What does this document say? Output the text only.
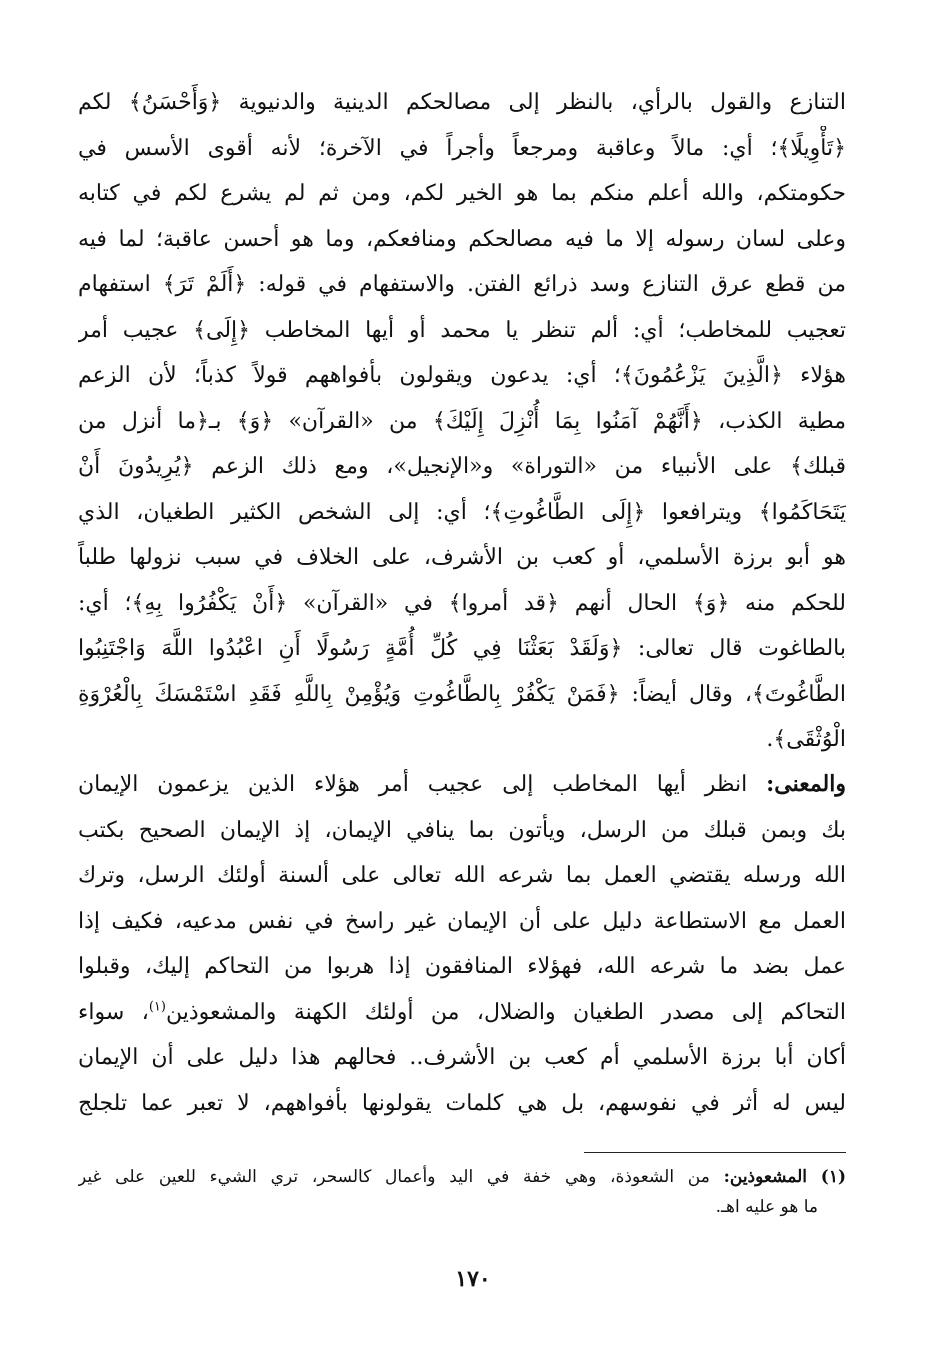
التنازع والقول بالرأي، بالنظر إلى مصالحكم الدينية والدنيوية ﴿وَأَحْسَنُ﴾ لكم
﴿تَأْوِيلًا﴾؛ أي: مالاً وعاقبة ومرجعاً وأجراً في الآخرة؛ لأنه أقوى الأسس في
حكومتكم، والله أعلم منكم بما هو الخير لكم، ومن ثم لم يشرع لكم في كتابه
وعلى لسان رسوله إلا ما فيه مصالحكم ومنافعكم، وما هو أحسن عاقبة؛ لما فيه
من قطع عرق التنازع وسد ذرائع الفتن. والاستفهام في قوله: ﴿أَلَمْ تَرَ﴾ استفهام
تعجيب للمخاطب؛ أي: ألم تنظر يا محمد أو أيها المخاطب ﴿إِلَى﴾ عجيب أمر
هؤلاء ﴿الَّذِينَ يَزْعُمُونَ﴾؛ أي: يدعون ويقولون بأفواههم قولاً كذباً؛ لأن الزعم
مطية الكذب، ﴿أَنَّهُمْ آمَنُوا بِمَا أُنْزِلَ إِلَيْكَ﴾ من «القرآن» ﴿وَ﴾ بـ﴿ما أنزل من
قبلك﴾ على الأنبياء من «التوراة» و«الإنجيل»، ومع ذلك الزعم ﴿يُرِيدُونَ أَنْ
يَتَحَاكَمُوا﴾ ويترافعوا ﴿إِلَى الطَّاغُوتِ﴾؛ أي: إلى الشخص الكثير الطغيان، الذي
هو أبو برزة الأسلمي، أو كعب بن الأشرف، على الخلاف في سبب نزولها طلباً
للحكم منه ﴿وَ﴾ الحال أنهم ﴿قد أمروا﴾ في «القرآن» ﴿أَنْ يَكْفُرُوا بِهِ﴾؛ أي:
بالطاغوت قال تعالى: ﴿وَلَقَدْ بَعَثْنَا فِي كُلِّ أُمَّةٍ رَسُولًا أَنِ اعْبُدُوا اللَّهَ وَاجْتَنِبُوا
الطَّاغُوتَ﴾، وقال أيضاً: ﴿فَمَنْ يَكْفُرْ بِالطَّاغُوتِ وَيُؤْمِنْ بِاللَّهِ فَقَدِ اسْتَمْسَكَ بِالْعُرْوَةِ
الْوُثْقَى﴾.
والمعنى: انظر أيها المخاطب إلى عجيب أمر هؤلاء الذين يزعمون الإيمان
بك وبمن قبلك من الرسل، ويأتون بما ينافي الإيمان، إذ الإيمان الصحيح بكتب
الله ورسله يقتضي العمل بما شرعه الله تعالى على ألسنة أولئك الرسل، وترك
العمل مع الاستطاعة دليل على أن الإيمان غير راسخ في نفس مدعيه، فكيف إذا
عمل بضد ما شرعه الله، فهؤلاء المنافقون إذا هربوا من التحاكم إليك، وقبلوا
التحاكم إلى مصدر الطغيان والضلال، من أولئك الكهنة والمشعوذين$^{(١)}$، سواء
أكان أبا برزة الأسلمي أم كعب بن الأشرف.. فحالهم هذا دليل على أن الإيمان
ليس له أثر في نفوسهم، بل هي كلمات يقولونها بأفواههم، لا تعبر عما تلجلج
(١) المشعوذين: من الشعوذة، وهي خفة في اليد وأعمال كالسحر، تري الشيء للعين على غير
ما هو عليه اهـ.
١٧٠
